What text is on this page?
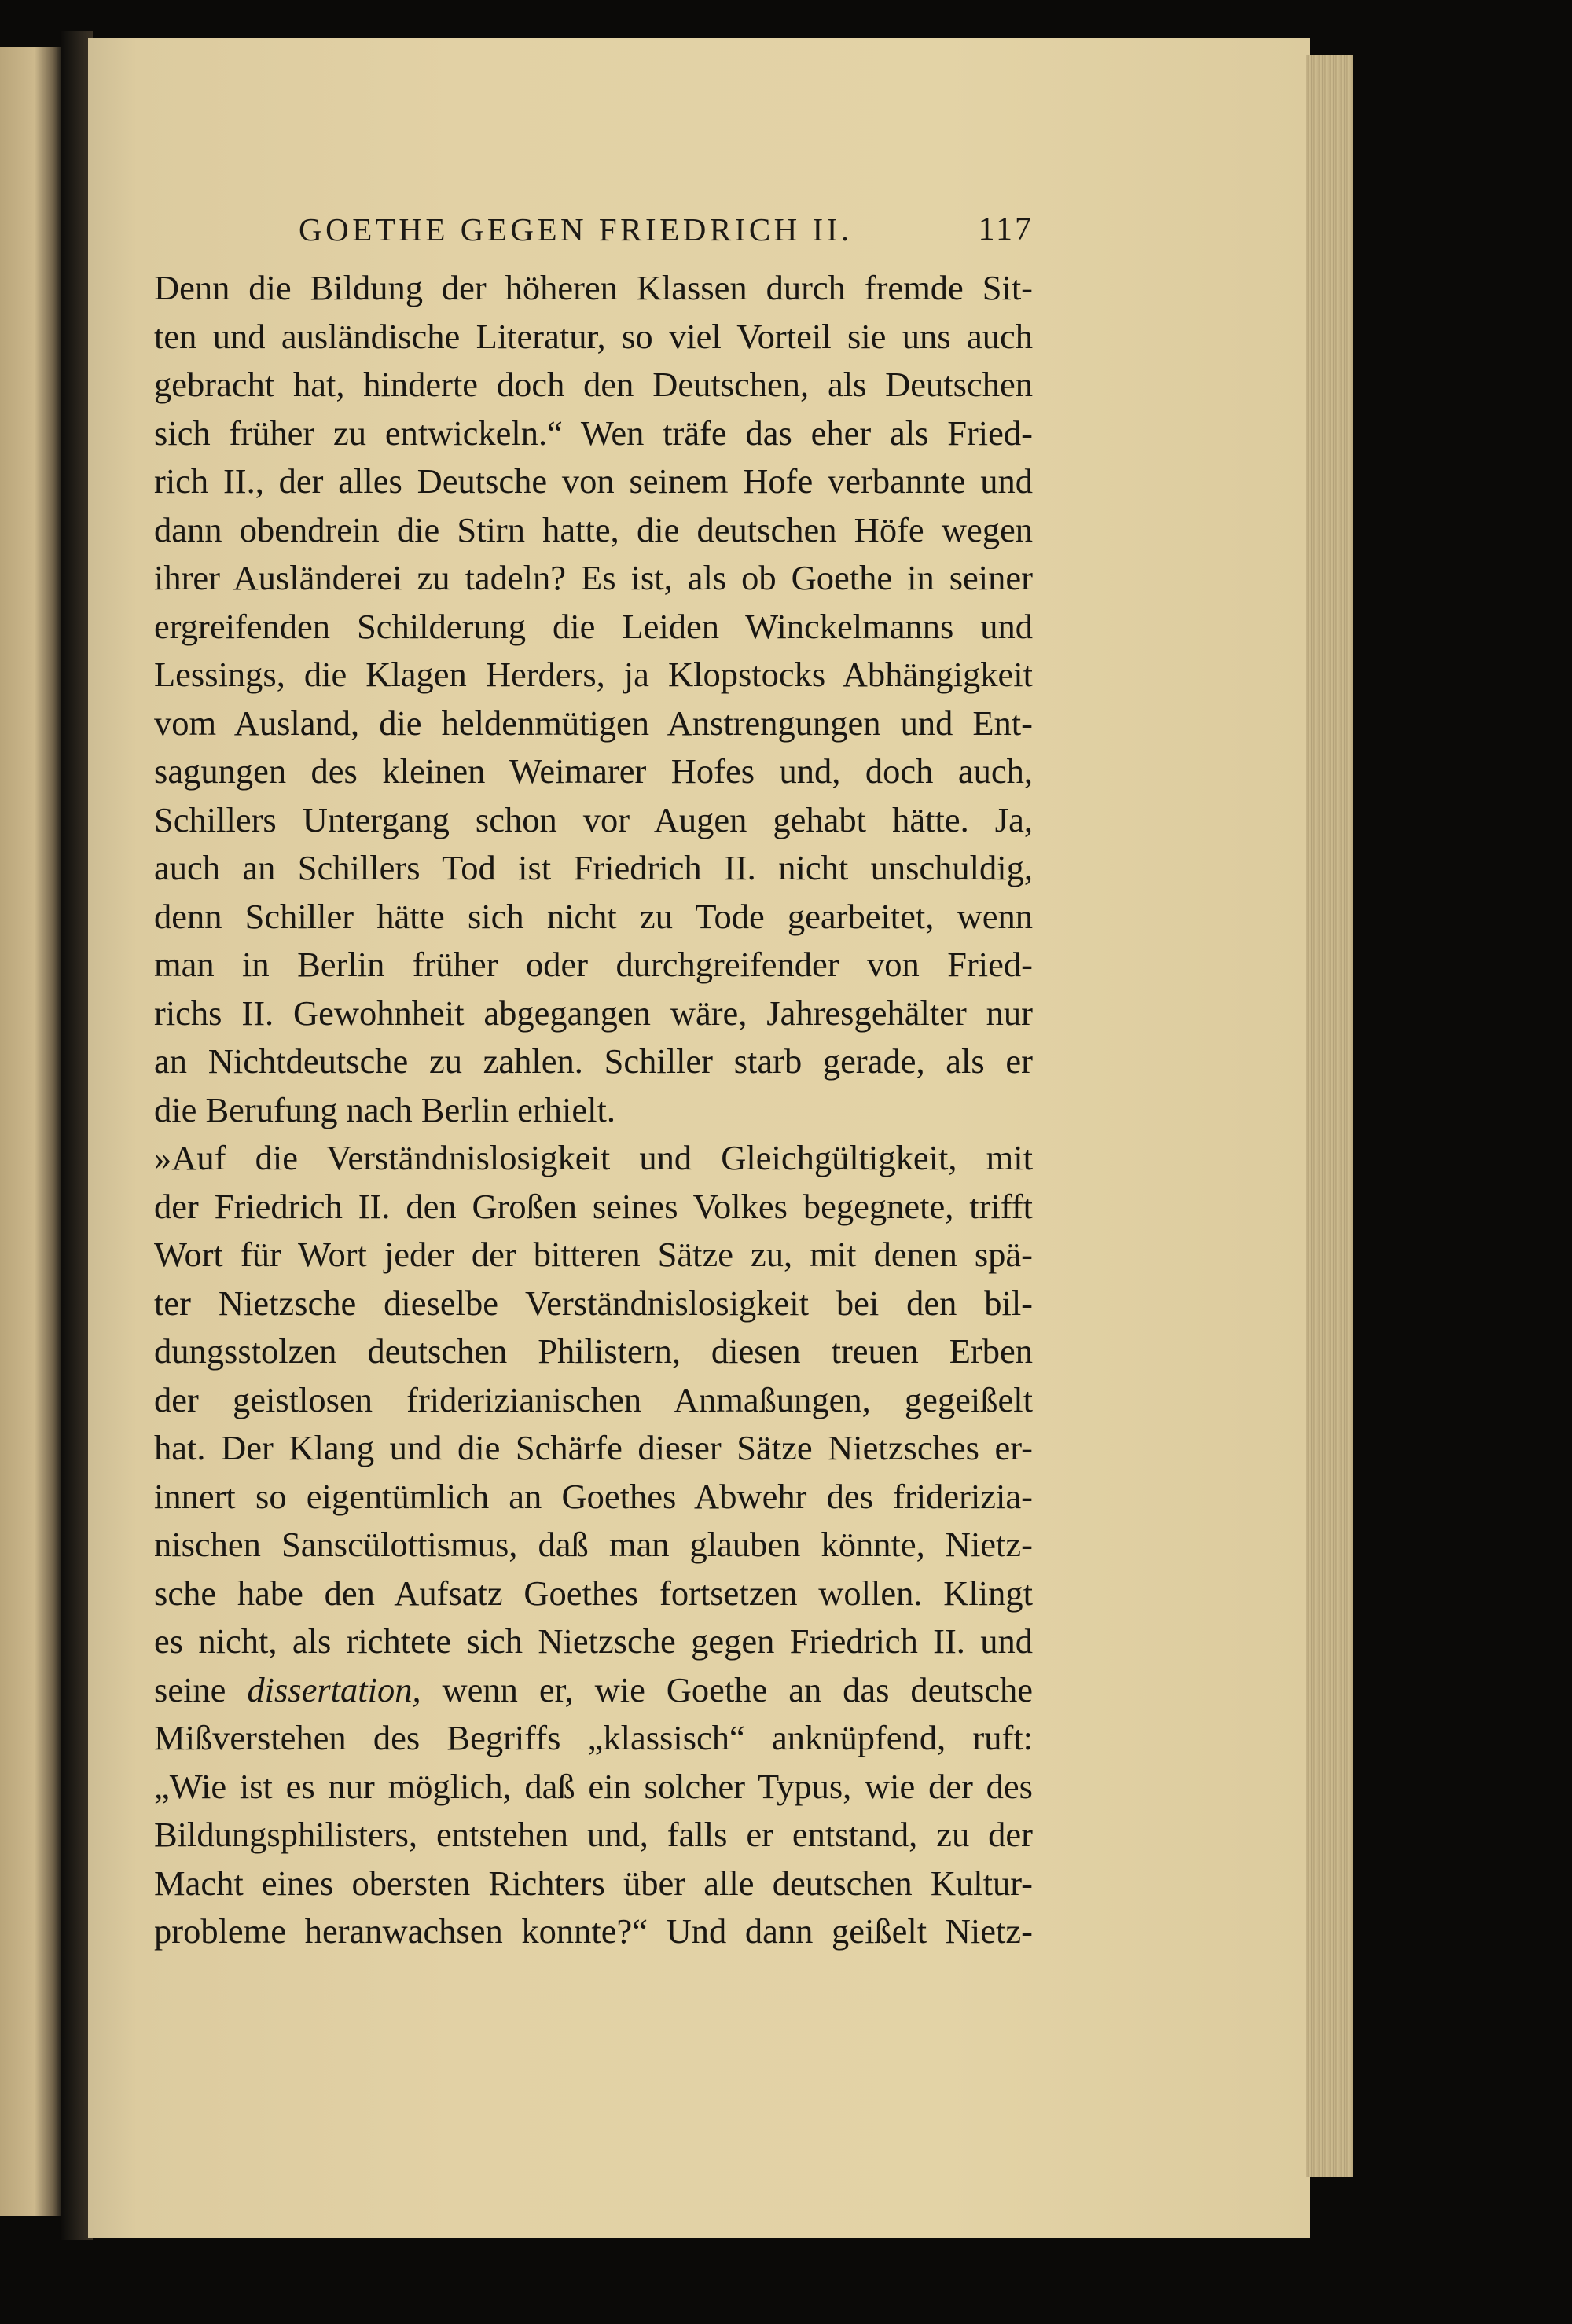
GOETHE GEGEN FRIEDRICH II.	117
Denn die Bildung der höheren Klassen durch fremde Sit-
ten und ausländische Literatur, so viel Vorteil sie uns auch
gebracht hat, hinderte doch den Deutschen, als Deutschen
sich früher zu entwickeln.“ Wen träfe das eher als Fried-
rich II., der alles Deutsche von seinem Hofe verbannte und
dann obendrein die Stirn hatte, die deutschen Höfe wegen
ihrer Ausländerei zu tadeln? Es ist, als ob Goethe in seiner
ergreifenden Schilderung die Leiden Winckelmanns und
Lessings, die Klagen Herders, ja Klopstocks Abhängigkeit
vom Ausland, die heldenmütigen Anstrengungen und Ent-
sagungen des kleinen Weimarer Hofes und, doch auch,
Schillers Untergang schon vor Augen gehabt hätte. Ja,
auch an Schillers Tod ist Friedrich II. nicht unschuldig,
denn Schiller hätte sich nicht zu Tode gearbeitet, wenn
man in Berlin früher oder durchgreifender von Fried-
richs II. Gewohnheit abgegangen wäre, Jahresgehälter nur
an Nichtdeutsche zu zahlen. Schiller starb gerade, als er
die Berufung nach Berlin erhielt.
»Auf die Verständnislosigkeit und Gleichgültigkeit, mit
der Friedrich II. den Großen seines Volkes begegnete, trifft
Wort für Wort jeder der bitteren Sätze zu, mit denen spä-
ter Nietzsche dieselbe Verständnislosigkeit bei den bil-
dungsstolzen deutschen Philistern, diesen treuen Erben
der geistlosen friderizianischen Anmaßungen, gegeißelt
hat. Der Klang und die Schärfe dieser Sätze Nietzsches er-
innert so eigentümlich an Goethes Abwehr des friderizia-
nischen Sanscülottismus, daß man glauben könnte, Nietz-
sche habe den Aufsatz Goethes fortsetzen wollen. Klingt
es nicht, als richtete sich Nietzsche gegen Friedrich II. und
seine dissertation, wenn er, wie Goethe an das deutsche
Mißverstehen des Begriffs „klassisch“ anknüpfend, ruft:
„Wie ist es nur möglich, daß ein solcher Typus, wie der des
Bildungsphilisters, entstehen und, falls er entstand, zu der
Macht eines obersten Richters über alle deutschen Kultur-
probleme heranwachsen konnte?“ Und dann geißelt Nietz-
